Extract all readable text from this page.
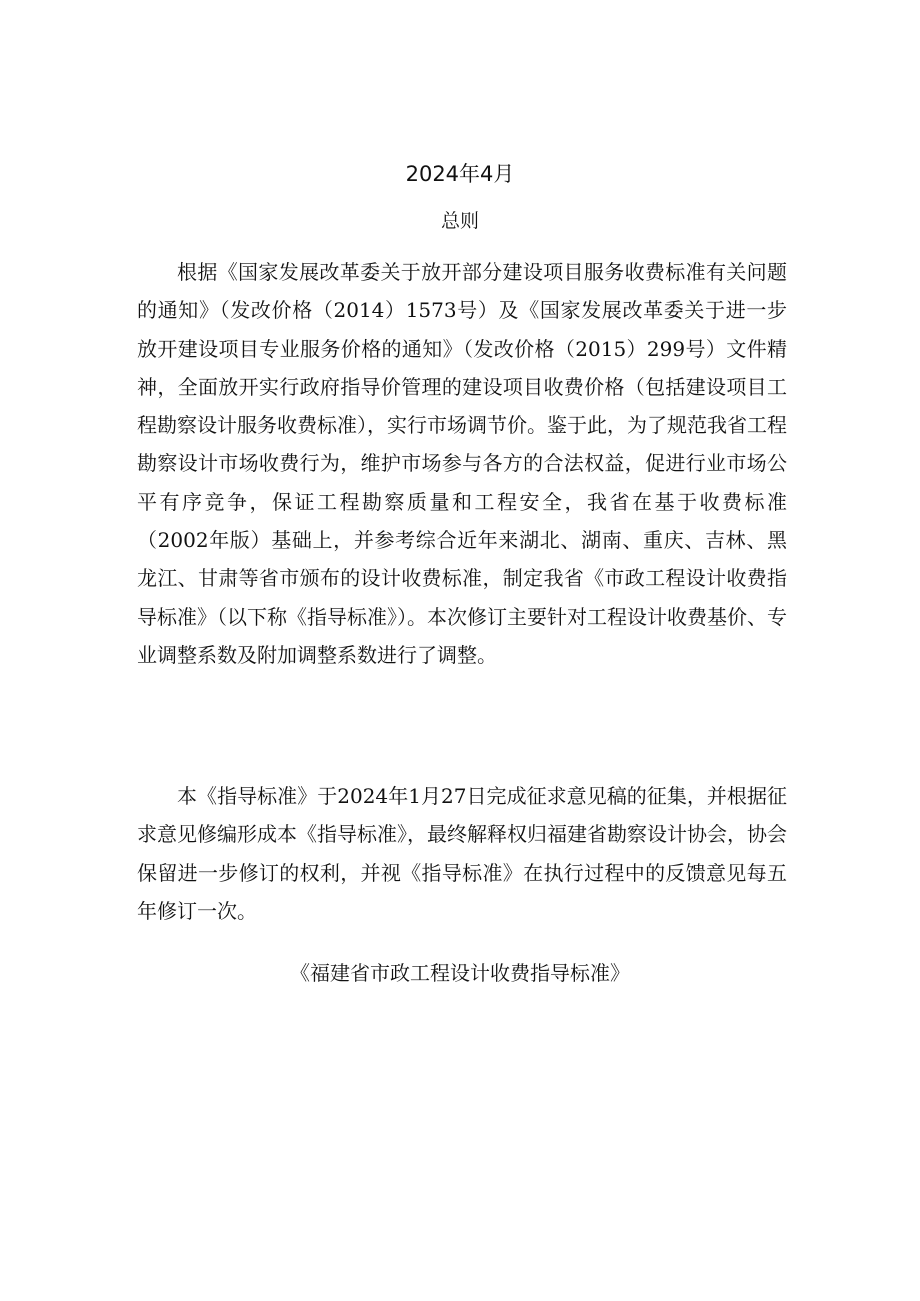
2024年4月
总则

根据《国家发展改革委关于放开部分建设项目服务收费标准有关问题的通知》（发改价格（2014）1573号）及《国家发展改革委关于进一步放开建设项目专业服务价格的通知》（发改价格（2015）299号）文件精神，全面放开实行政府指导价管理的建设项目收费价格（包括建设项目工程勘察设计服务收费标准），实行市场调节价。鉴于此，为了规范我省工程勘察设计市场收费行为，维护市场参与各方的合法权益，促进行业市场公平有序竞争，保证工程勘察质量和工程安全，我省在基于收费标准（2002年版）基础上，并参考综合近年来湖北、湖南、重庆、吉林、黑龙江、甘肃等省市颁布的设计收费标准，制定我省《市政工程设计收费指导标准》（以下称《指导标准》）。本次修订主要针对工程设计收费基价、专业调整系数及附加调整系数进行了调整。

本《指导标准》于2024年1月27日完成征求意见稿的征集，并根据征求意见修编形成本《指导标准》，最终解释权归福建省勘察设计协会，协会保留进一步修订的权利，并视《指导标准》在执行过程中的反馈意见每五年修订一次。

《福建省市政工程设计收费指导标准》
